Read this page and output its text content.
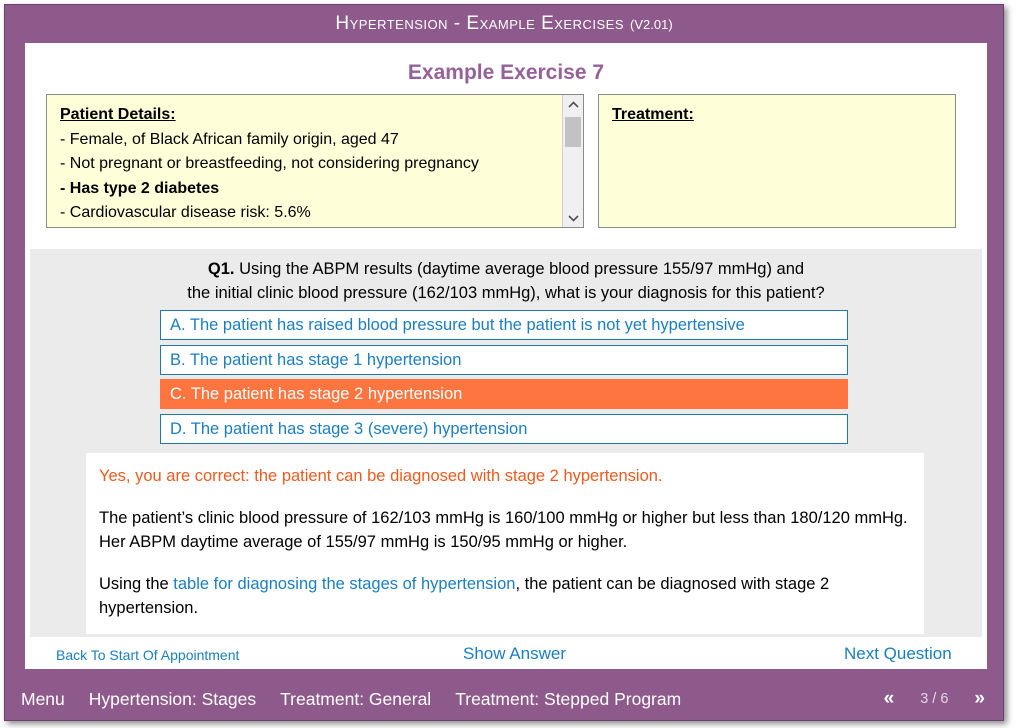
Hypertension - Example Exercises (V2.01)
Example Exercise 7
Patient Details:
- Female, of Black African family origin, aged 47
- Not pregnant or breastfeeding, not considering pregnancy
- Has type 2 diabetes
- Cardiovascular disease risk: 5.6%
Treatment:
Q1. Using the ABPM results (daytime average blood pressure 155/97 mmHg) and
the initial clinic blood pressure (162/103 mmHg), what is your diagnosis for this patient?
A. The patient has raised blood pressure but the patient is not yet hypertensive
B. The patient has stage 1 hypertension
C. The patient has stage 2 hypertension
D. The patient has stage 3 (severe) hypertension

Yes, you are correct: the patient can be diagnosed with stage 2 hypertension.

The patient’s clinic blood pressure of 162/103 mmHg is 160/100 mmHg or higher but less than 180/120 mmHg. Her ABPM daytime average of 155/97 mmHg is 150/95 mmHg or higher.

Using the table for diagnosing the stages of hypertension, the patient can be diagnosed with stage 2 hypertension.

Back To Start Of Appointment	Show Answer	Next Question
Menu Hypertension: Stages Treatment: General Treatment: Stepped Program	« 3 / 6 »
